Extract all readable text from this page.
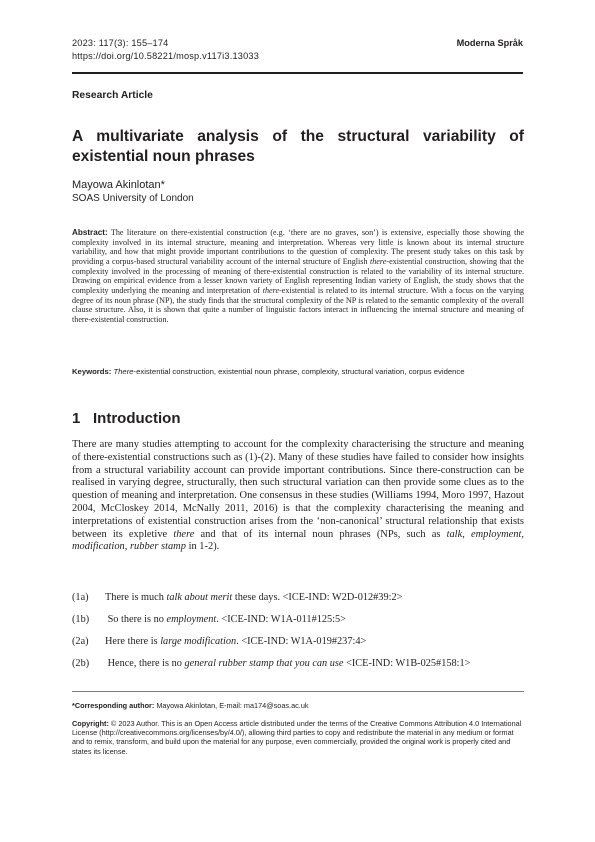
2023: 117(3): 155–174
https://doi.org/10.58221/mosp.v117i3.13033
Moderna Språk
Research Article
A multivariate analysis of the structural variability of existential noun phrases
Mayowa Akinlotan*
SOAS University of London
Abstract: The literature on there-existential construction (e.g. ‘there are no graves, son’) is extensive, especially those showing the complexity involved in its internal structure, meaning and interpretation. Whereas very little is known about its internal structure variability, and how that might provide important contributions to the question of complexity. The present study takes on this task by providing a corpus-based structural variability account of the internal structure of English there-existential construction, showing that the complexity involved in the processing of meaning of there-existential construction is related to the variability of its internal structure. Drawing on empirical evidence from a lesser known variety of English representing Indian variety of English, the study shows that the complexity underlying the meaning and interpretation of there-existential is related to its internal structure. With a focus on the varying degree of its noun phrase (NP), the study finds that the structural complexity of the NP is related to the semantic complexity of the overall clause structure. Also, it is shown that quite a number of linguistic factors interact in influencing the internal structure and meaning of there-existential construction.
Keywords: There-existential construction, existential noun phrase, complexity, structural variation, corpus evidence
1 Introduction
There are many studies attempting to account for the complexity characterising the structure and meaning of there-existential constructions such as (1)-(2). Many of these studies have failed to consider how insights from a structural variability account can provide important contributions. Since there-construction can be realised in varying degree, structurally, then such structural variation can then provide some clues as to the question of meaning and interpretation. One consensus in these studies (Williams 1994, Moro 1997, Hazout 2004, McCloskey 2014, McNally 2011, 2016) is that the complexity characterising the meaning and interpretations of existential construction arises from the ‘non-canonical’ structural relationship that exists between its expletive there and that of its internal noun phrases (NPs, such as talk, employment, modification, rubber stamp in 1-2).
(1a) There is much talk about merit these days. <ICE-IND: W2D-012#39:2>
(1b) So there is no employment. <ICE-IND: W1A-011#125:5>
(2a) Here there is large modification. <ICE-IND: W1A-019#237:4>
(2b) Hence, there is no general rubber stamp that you can use <ICE-IND: W1B-025#158:1>
*Corresponding author: Mayowa Akinlotan, E-mail: ma174@soas.ac.uk
Copyright: © 2023 Author. This is an Open Access article distributed under the terms of the Creative Commons Attribution 4.0 International License (http://creativecommons.org/licenses/by/4.0/), allowing third parties to copy and redistribute the material in any medium or format and to remix, transform, and build upon the material for any purpose, even commercially, provided the original work is properly cited and states its license.
